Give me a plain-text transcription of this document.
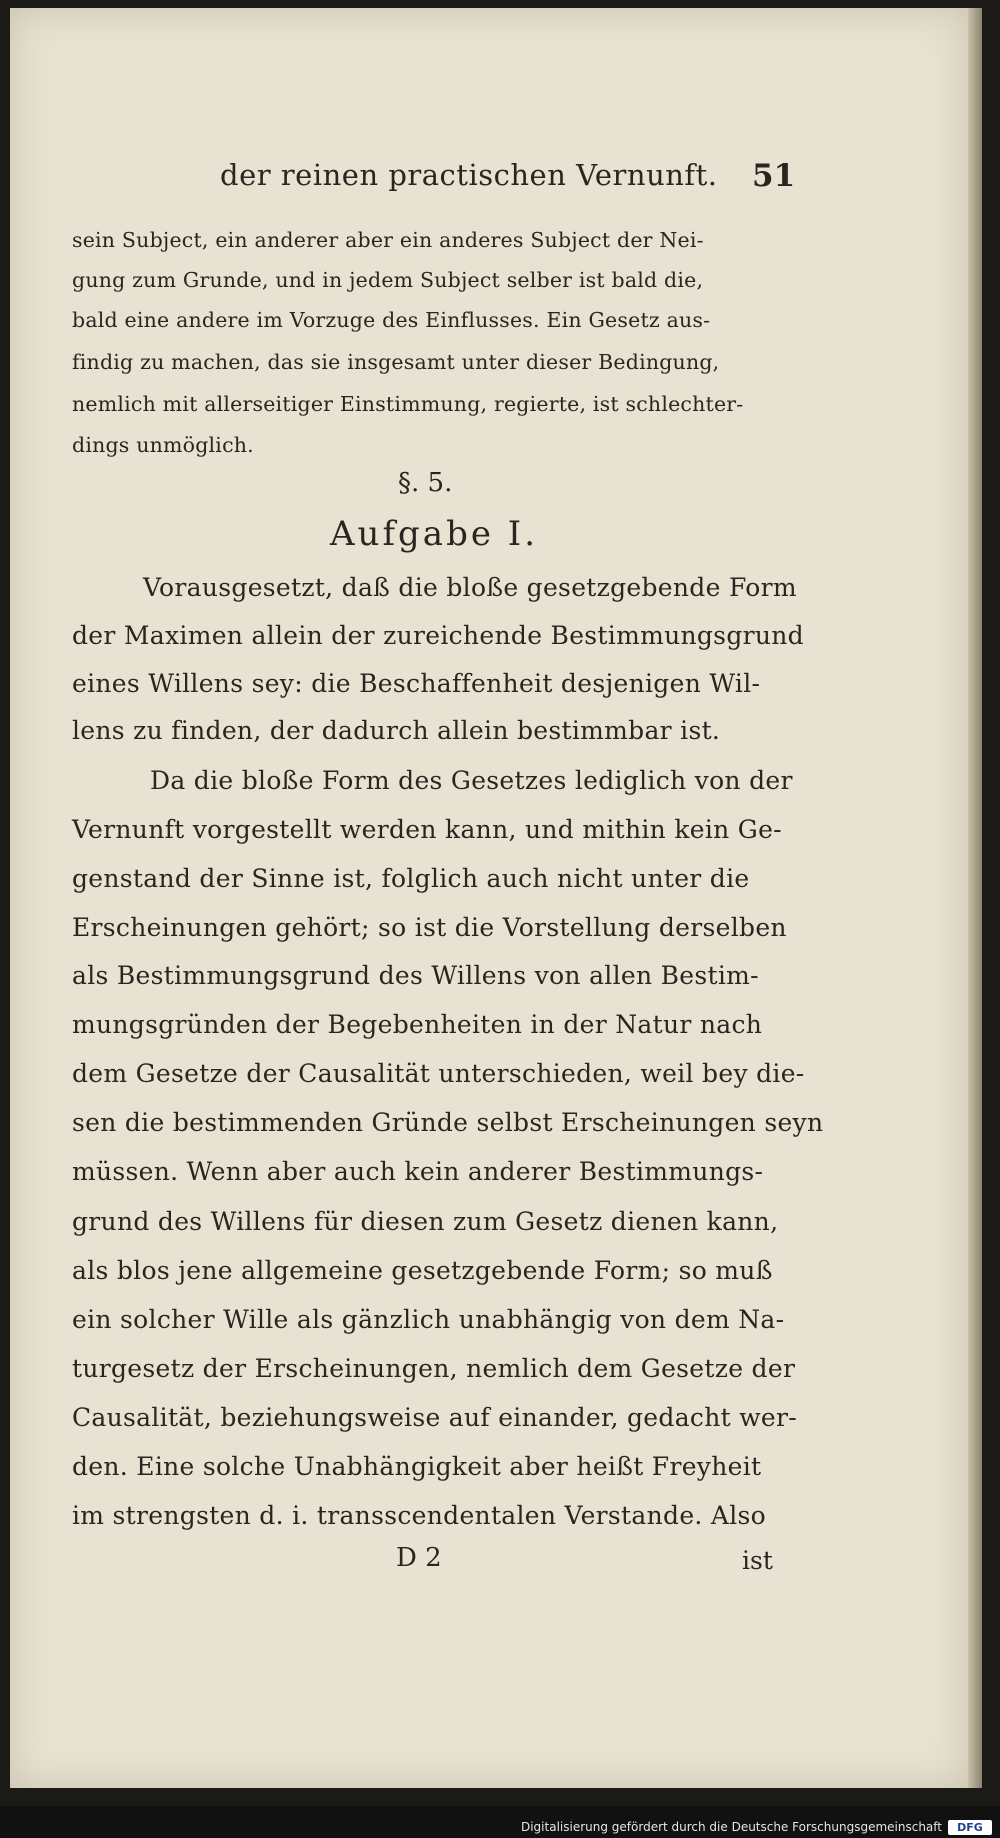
der reinen practischen Vernunft. 51
sein Subject, ein anderer aber ein anderes Subject der Nei-
gung zum Grunde, und in jedem Subject selber ist bald die,
bald eine andere im Vorzuge des Einflusses. Ein Gesetz aus-
findig zu machen, das sie insgesamt unter dieser Bedingung,
nemlich mit allerseitiger Einstimmung, regierte, ist schlechter-
dings unmöglich.
§. 5.
Aufgabe I.
Vorausgesetzt, daß die bloße gesetzgebende Form
der Maximen allein der zureichende Bestimmungsgrund
eines Willens sey: die Beschaffenheit desjenigen Wil-
lens zu finden, der dadurch allein bestimmbar ist.
Da die bloße Form des Gesetzes lediglich von der
Vernunft vorgestellt werden kann, und mithin kein Ge-
genstand der Sinne ist, folglich auch nicht unter die
Erscheinungen gehört; so ist die Vorstellung derselben
als Bestimmungsgrund des Willens von allen Bestim-
mungsgründen der Begebenheiten in der Natur nach
dem Gesetze der Causalität unterschieden, weil bey die-
sen die bestimmenden Gründe selbst Erscheinungen seyn
müssen. Wenn aber auch kein anderer Bestimmungs-
grund des Willens für diesen zum Gesetz dienen kann,
als blos jene allgemeine gesetzgebende Form; so muß
ein solcher Wille als gänzlich unabhängig von dem Na-
turgesetz der Erscheinungen, nemlich dem Gesetze der
Causalität, beziehungsweise auf einander, gedacht wer-
den. Eine solche Unabhängigkeit aber heißt Freyheit
im strengsten d. i. transscendentalen Verstande. Also
D 2	ist
Digitalisierung gefördert durch die Deutsche Forschungsgemeinschaft	DFG
